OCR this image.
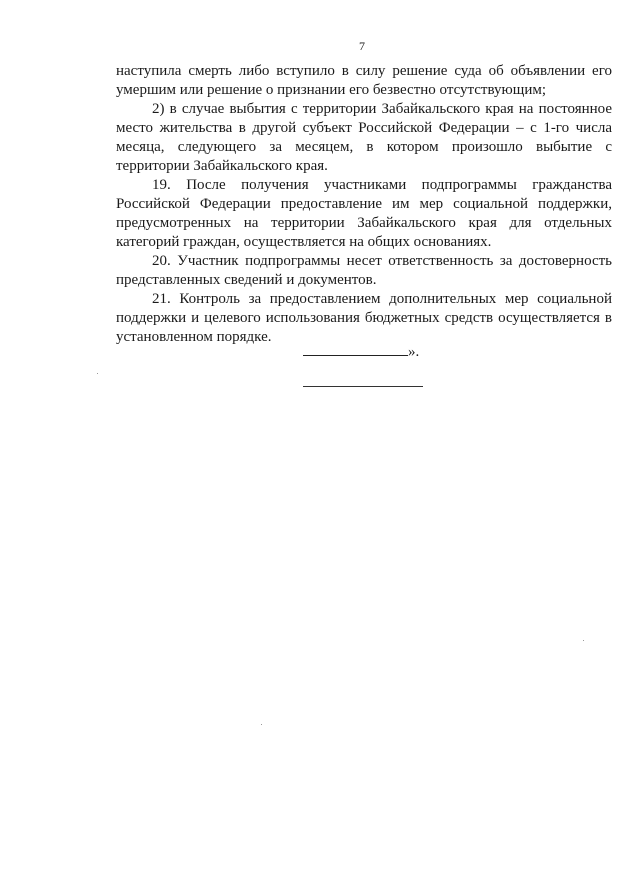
7

наступила смерть либо вступило в силу решение суда об объявлении его умершим или решение о признании его безвестно отсутствующим;

2) в случае выбытия с территории Забайкальского края на постоянное место жительства в другой субъект Российской Федерации – с 1-го числа месяца, следующего за месяцем, в котором произошло выбытие с территории Забайкальского края.

19. После получения участниками подпрограммы гражданства Российской Федерации предоставление им мер социальной поддержки, предусмотренных на территории Забайкальского края для отдельных категорий граждан, осуществляется на общих основаниях.

20. Участник подпрограммы несет ответственность за достоверность представленных сведений и документов.

21. Контроль за предоставлением дополнительных мер социальной поддержки и целевого использования бюджетных средств осуществляется в установленном порядке.

».
